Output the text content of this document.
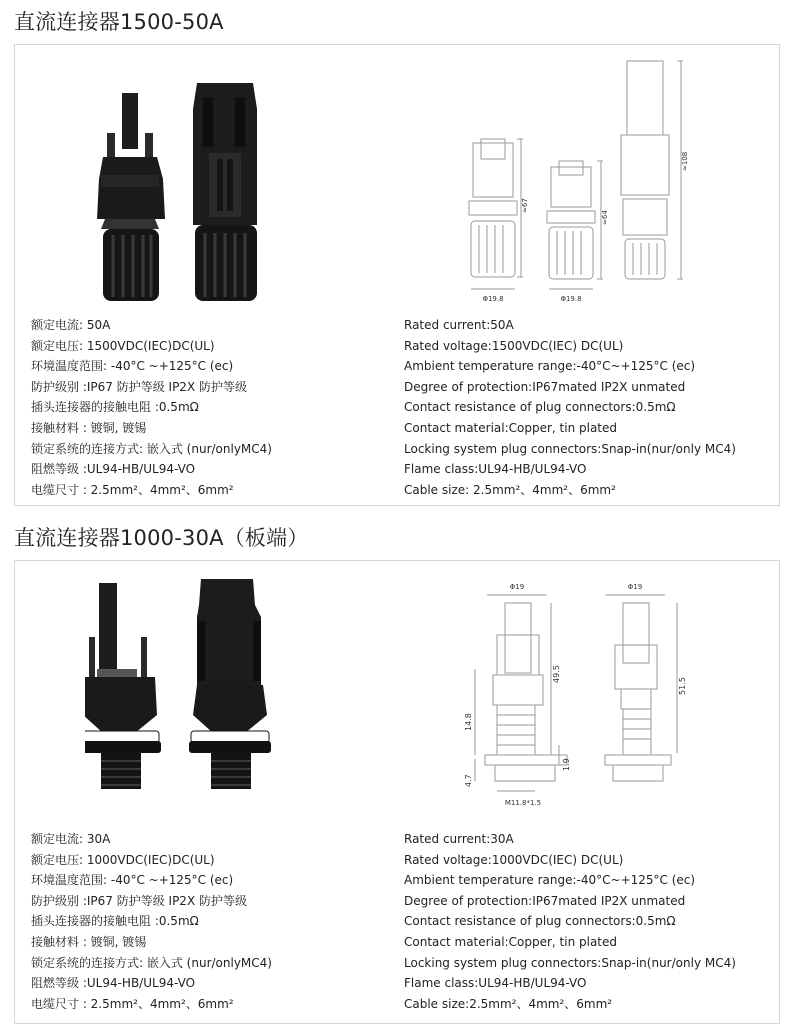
直流连接器1500-50A
Φ19.8	Φ19.8
≈67
≈64
≈108
额定电流: 50A
额定电压: 1500VDC(IEC)DC(UL)
环境温度范围: -40°C ~+125°C (ec)
防护级别 :IP67 防护等级 IP2X 防护等级
插头连接器的接触电阻 :0.5mΩ
接触材料 : 镀铜, 镀锡
锁定系统的连接方式: 嵌入式 (nur/onlyMC4)
阻燃等级 :UL94-HB/UL94-VO
电缆尺寸 : 2.5mm²、4mm²、6mm²
Rated current:50A
Rated voltage:1500VDC(IEC) DC(UL)
Ambient temperature range:-40°C~+125°C (ec)
Degree of protection:IP67mated IP2X unmated
Contact resistance of plug connectors:0.5mΩ
Contact material:Copper, tin plated
Locking system plug connectors:Snap-in(nur/only MC4)
Flame class:UL94-HB/UL94-VO
Cable size: 2.5mm²、4mm²、6mm²
直流连接器1000-30A（板端）
Φ19	Φ19
49.5
51.5
14.8
4.7
1.9
M11.8*1.5
额定电流: 30A
额定电压: 1000VDC(IEC)DC(UL)
环境温度范围: -40°C ~+125°C (ec)
防护级别 :IP67 防护等级 IP2X 防护等级
插头连接器的接触电阻 :0.5mΩ
接触材料 : 镀铜, 镀锡
锁定系统的连接方式: 嵌入式 (nur/onlyMC4)
阻燃等级 :UL94-HB/UL94-VO
电缆尺寸 : 2.5mm²、4mm²、6mm²
Rated current:30A
Rated voltage:1000VDC(IEC) DC(UL)
Ambient temperature range:-40°C~+125°C (ec)
Degree of protection:IP67mated IP2X unmated
Contact resistance of plug connectors:0.5mΩ
Contact material:Copper, tin plated
Locking system plug connectors:Snap-in(nur/only MC4)
Flame class:UL94-HB/UL94-VO
Cable size:2.5mm²、4mm²、6mm²
